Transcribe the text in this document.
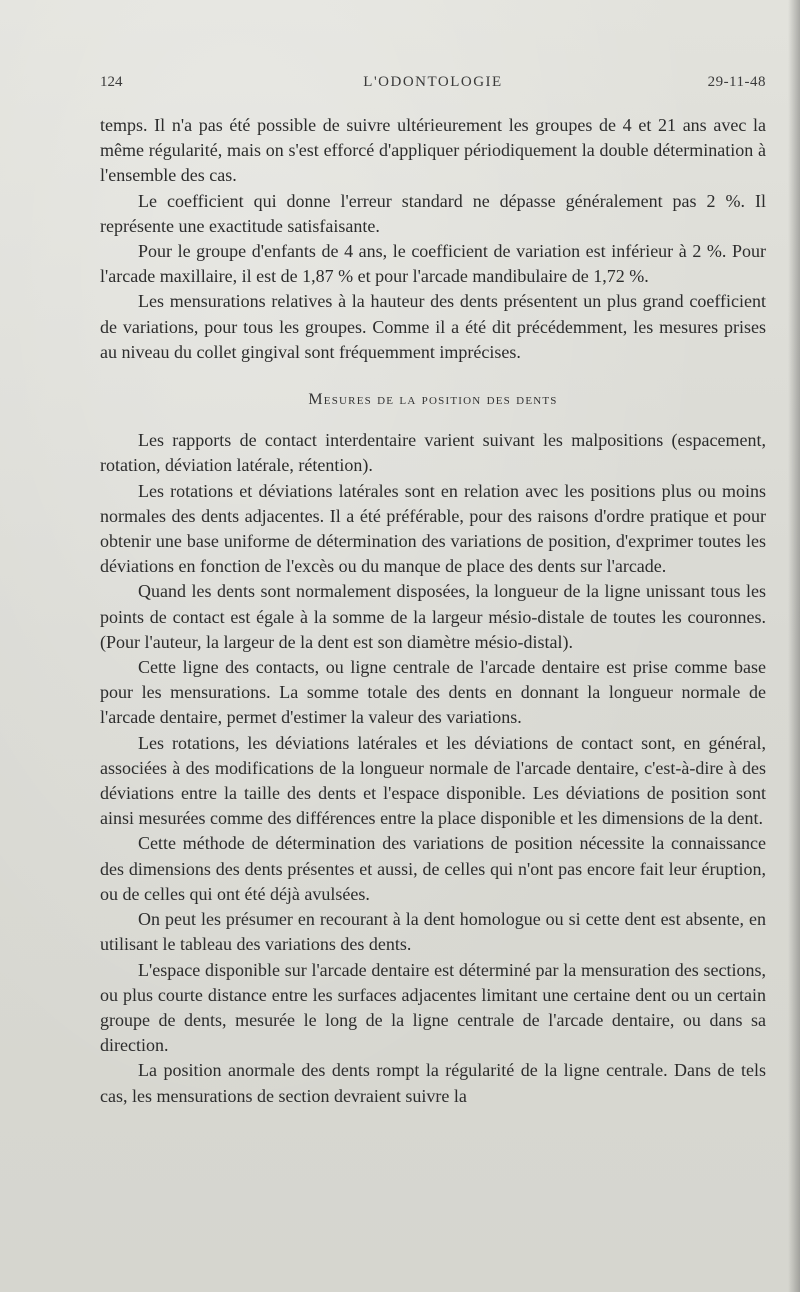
124	L'ODONTOLOGIE	29-11-48

temps. Il n'a pas été possible de suivre ultérieurement les groupes de 4 et 21 ans avec la même régularité, mais on s'est efforcé d'appliquer périodiquement la double détermination à l'ensemble des cas.

Le coefficient qui donne l'erreur standard ne dépasse généralement pas 2 %. Il représente une exactitude satisfaisante.

Pour le groupe d'enfants de 4 ans, le coefficient de variation est inférieur à 2 %. Pour l'arcade maxillaire, il est de 1,87 % et pour l'arcade mandibulaire de 1,72 %.

Les mensurations relatives à la hauteur des dents présentent un plus grand coefficient de variations, pour tous les groupes. Comme il a été dit précédemment, les mesures prises au niveau du collet gingival sont fréquemment imprécises.

Mesures de la position des dents

Les rapports de contact interdentaire varient suivant les malpositions (espacement, rotation, déviation latérale, rétention).

Les rotations et déviations latérales sont en relation avec les positions plus ou moins normales des dents adjacentes. Il a été préférable, pour des raisons d'ordre pratique et pour obtenir une base uniforme de détermination des variations de position, d'exprimer toutes les déviations en fonction de l'excès ou du manque de place des dents sur l'arcade.

Quand les dents sont normalement disposées, la longueur de la ligne unissant tous les points de contact est égale à la somme de la largeur mésio-distale de toutes les couronnes. (Pour l'auteur, la largeur de la dent est son diamètre mésio-distal).

Cette ligne des contacts, ou ligne centrale de l'arcade dentaire est prise comme base pour les mensurations. La somme totale des dents en donnant la longueur normale de l'arcade dentaire, permet d'estimer la valeur des variations.

Les rotations, les déviations latérales et les déviations de contact sont, en général, associées à des modifications de la longueur normale de l'arcade dentaire, c'est-à-dire à des déviations entre la taille des dents et l'espace disponible. Les déviations de position sont ainsi mesurées comme des différences entre la place disponible et les dimensions de la dent.

Cette méthode de détermination des variations de position nécessite la connaissance des dimensions des dents présentes et aussi, de celles qui n'ont pas encore fait leur éruption, ou de celles qui ont été déjà avulsées.

On peut les présumer en recourant à la dent homologue ou si cette dent est absente, en utilisant le tableau des variations des dents.

L'espace disponible sur l'arcade dentaire est déterminé par la mensuration des sections, ou plus courte distance entre les surfaces adjacentes limitant une certaine dent ou un certain groupe de dents, mesurée le long de la ligne centrale de l'arcade dentaire, ou dans sa direction.

La position anormale des dents rompt la régularité de la ligne centrale. Dans de tels cas, les mensurations de section devraient suivre la
